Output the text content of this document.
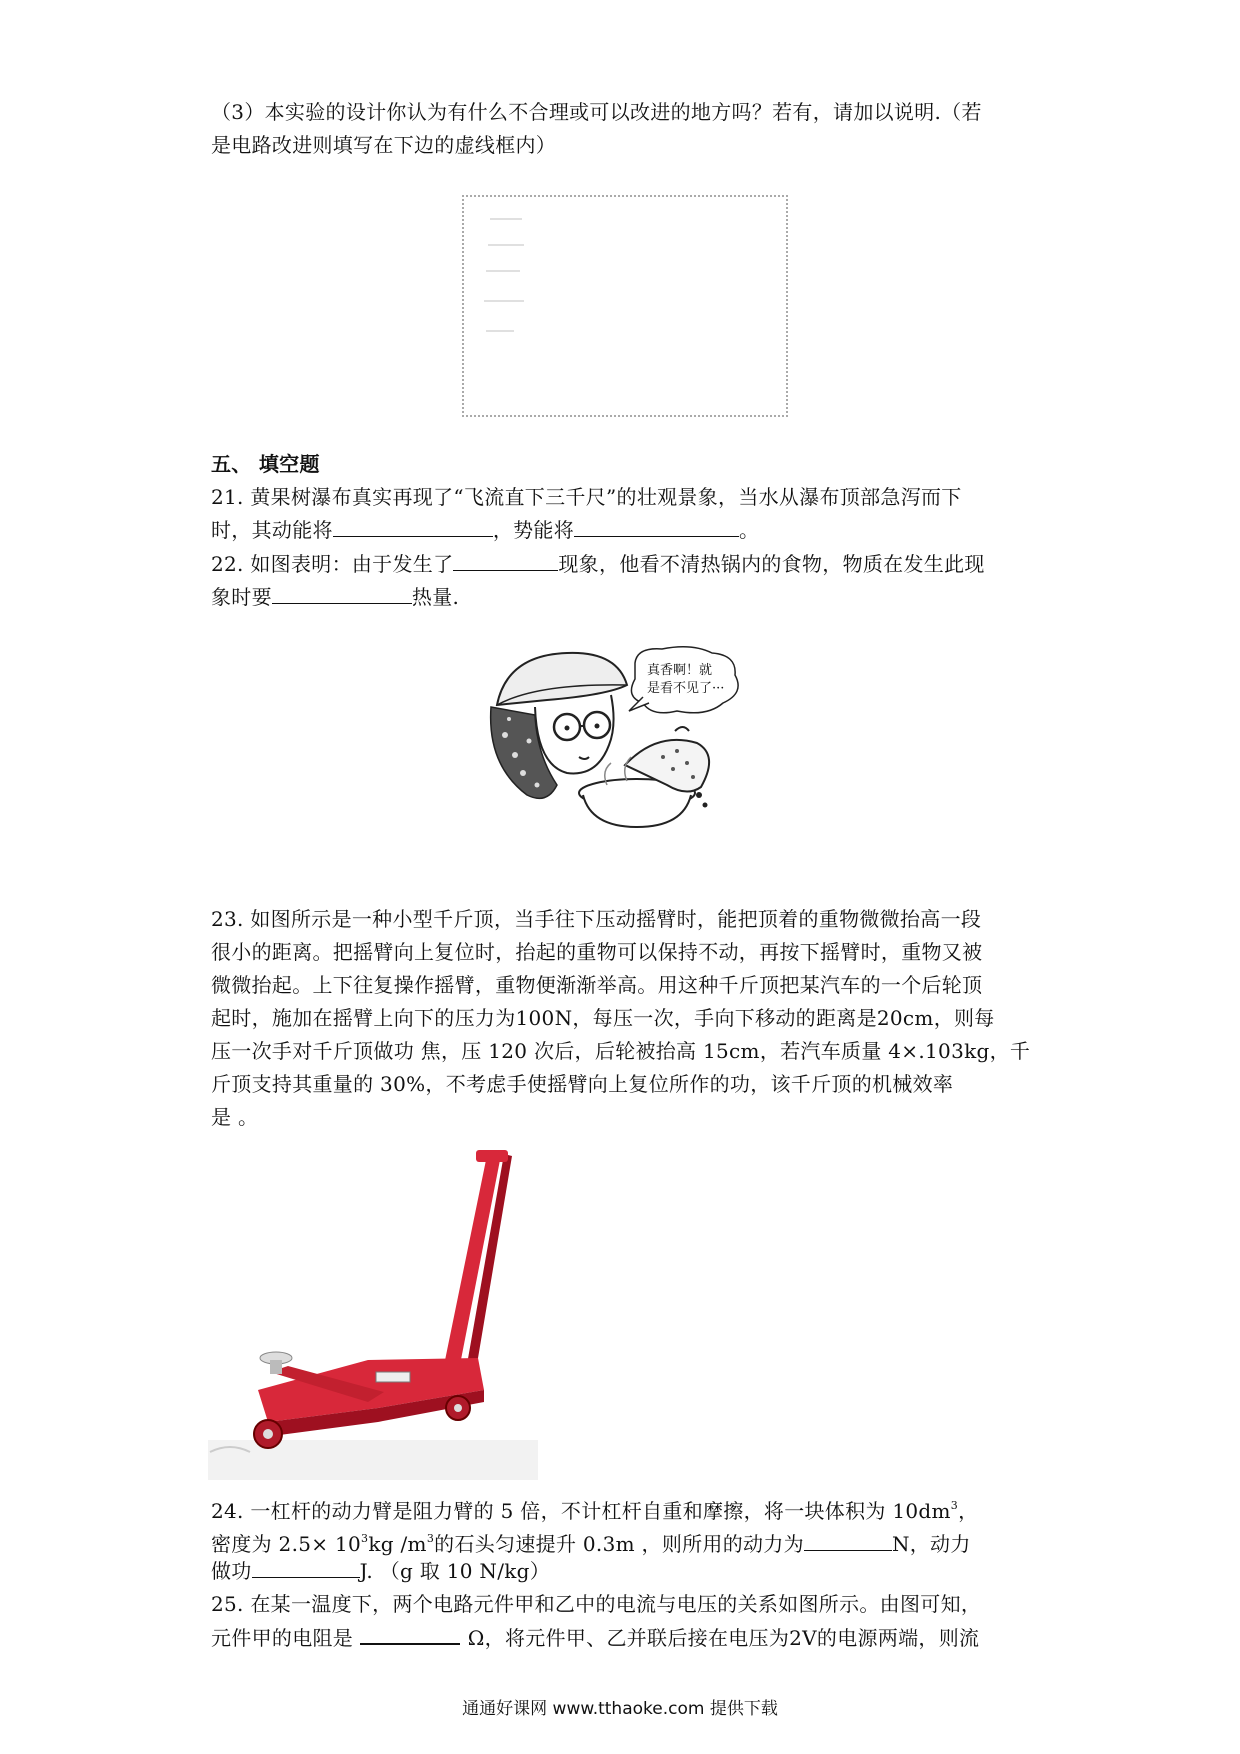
（3）本实验的设计你认为有什么不合理或可以改进的地方吗？若有，请加以说明.（若
是电路改进则填写在下边的虚线框内）
五、 填空题
21. 黄果树瀑布真实再现了“飞流直下三千尺”的壮观景象，当水从瀑布顶部急泻而下
时，其动能将	，势能将	。
22. 如图表明：由于发生了	现象，他看不清热锅内的食物，物质在发生此现
象时要	热量.
真香啊！就
是看不见了···
23. 如图所示是一种小型千斤顶，当手往下压动摇臂时，能把顶着的重物微微抬高一段
很小的距离。把摇臂向上复位时，抬起的重物可以保持不动，再按下摇臂时，重物又被
微微抬起。上下往复操作摇臂，重物便渐渐举高。用这种千斤顶把某汽车的一个后轮顶
起时，施加在摇臂上向下的压力为100N，每压一次，手向下移动的距离是20cm，则每
压一次手对千斤顶做功 焦，压 120 次后，后轮被抬高 15cm，若汽车质量 4×.103kg，千
斤顶支持其重量的 30%，不考虑手使摇臂向上复位所作的功，该千斤顶的机械效率
是 。
24. 一杠杆的动力臂是阻力臂的 5 倍，不计杠杆自重和摩擦，将一块体积为 $10dm^3$，
密度为 $2.5\times 10^3kg$ $/m^3$的石头匀速提升 0.3m ，则所用的动力为	N，动力
做功	J. （g 取 10 N/kg）
25. 在某一温度下，两个电路元件甲和乙中的电流与电压的关系如图所示。由图可知，
元件甲的电阻是	Ω，将元件甲、乙并联后接在电压为2V的电源两端，则流
通通好课网 www.tthaoke.com 提供下载
